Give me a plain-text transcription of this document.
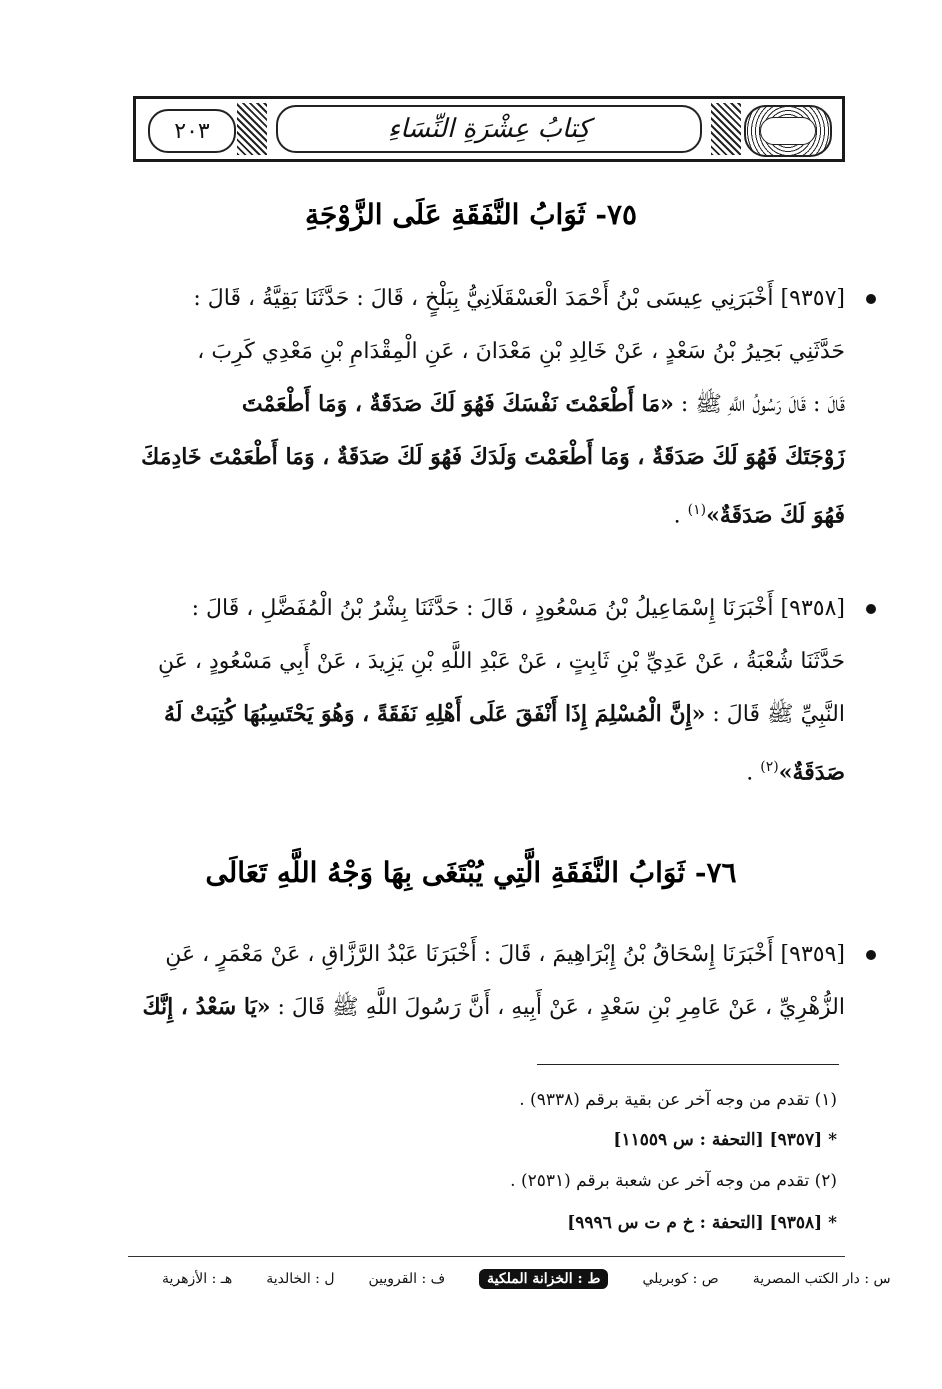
٢٠٣	كِتابُ عِشْرَةِ النِّسَاءِ
٧٥- ثَوَابُ النَّفَقَةِ عَلَى الزَّوْجَةِ
[٩٣٥٧] أَخْبَرَنِي عِيسَى بْنُ أَحْمَدَ الْعَسْقَلَانِيُّ بِبَلْخٍ ، قَالَ : حَدَّثَنَا بَقِيَّةُ ، قَالَ :
حَدَّثَنِي بَحِيرُ بْنُ سَعْدٍ ، عَنْ خَالِدِ بْنِ مَعْدَانَ ، عَنِ الْمِقْدَامِ بْنِ مَعْدِي كَرِبَ ،
قَالَ : قَالَ رَسُولُ اللَّهِ ﷺ : «مَا أَطْعَمْتَ نَفْسَكَ فَهُوَ لَكَ صَدَقَةٌ ، وَمَا أَطْعَمْتَ
زَوْجَتَكَ فَهُوَ لَكَ صَدَقَةٌ ، وَمَا أَطْعَمْتَ وَلَدَكَ فَهُوَ لَكَ صَدَقَةٌ ، وَمَا أَطْعَمْتَ خَادِمَكَ
فَهُوَ لَكَ صَدَقَةٌ»$^{(١)}$ .
[٩٣٥٨] أَخْبَرَنَا إِسْمَاعِيلُ بْنُ مَسْعُودٍ ، قَالَ : حَدَّثَنَا بِشْرُ بْنُ الْمُفَضَّلِ ، قَالَ :
حَدَّثَنَا شُعْبَةُ ، عَنْ عَدِيِّ بْنِ ثَابِتٍ ، عَنْ عَبْدِ اللَّهِ بْنِ يَزِيدَ ، عَنْ أَبِي مَسْعُودٍ ، عَنِ
النَّبِيِّ ﷺ قَالَ : «إِنَّ الْمُسْلِمَ إِذَا أَنْفَقَ عَلَى أَهْلِهِ نَفَقَةً ، وَهُوَ يَحْتَسِبُهَا كُتِبَتْ لَهُ
صَدَقَةٌ»$^{(٢)}$ .
٧٦- ثَوَابُ النَّفَقَةِ الَّتِي يُبْتَغَى بِهَا وَجْهُ اللَّهِ تَعَالَى
[٩٣٥٩] أَخْبَرَنَا إِسْحَاقُ بْنُ إِبْرَاهِيمَ ، قَالَ : أَخْبَرَنَا عَبْدُ الرَّزَّاقِ ، عَنْ مَعْمَرٍ ، عَنِ
الزُّهْرِيِّ ، عَنْ عَامِرِ بْنِ سَعْدٍ ، عَنْ أَبِيهِ ، أَنَّ رَسُولَ اللَّهِ ﷺ قَالَ : «يَا سَعْدُ ، إِنَّكَ
(١) تقدم من وجه آخر عن بقية برقم (٩٣٣٨) .
* [٩٣٥٧] [التحفة : س ١١٥٥٩]
(٢) تقدم من وجه آخر عن شعبة برقم (٢٥٣١) .
* [٩٣٥٨] [التحفة : خ م ت س ٩٩٩٦]
هـ : الأزهرية ل : الخالدية ف : القرويين	ط : الخزانة الملكية	ص : كوبريلي س : دار الكتب المصرية
